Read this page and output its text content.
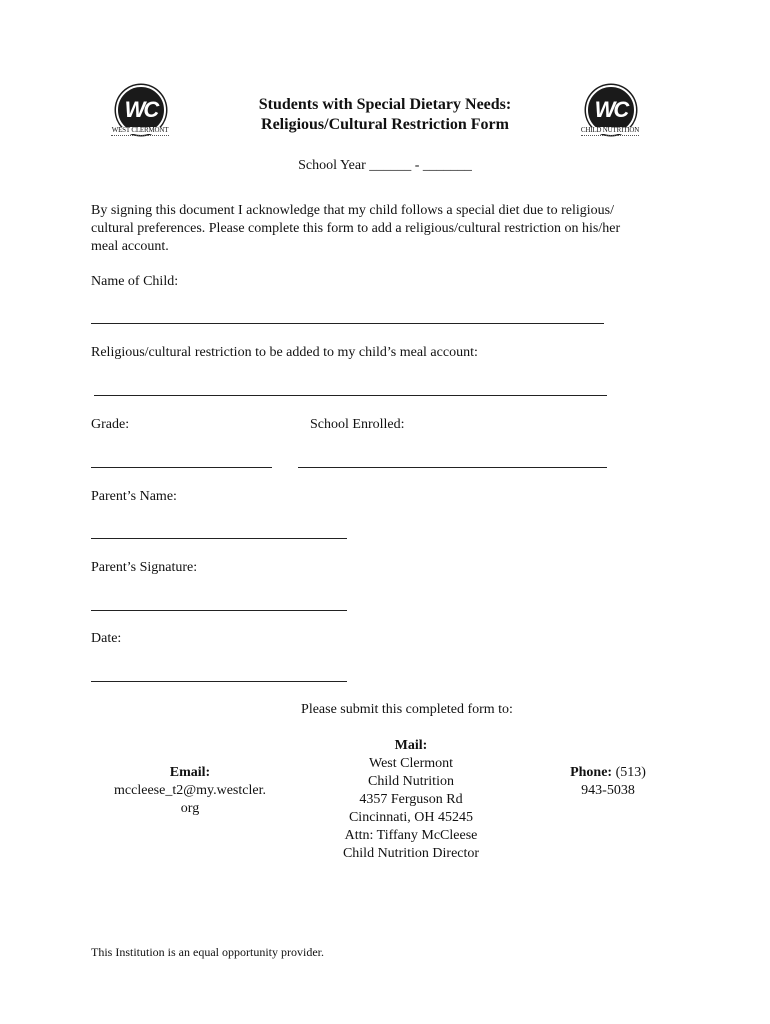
WC
WEST CLERMONT
WC
CHILD NUTRITION
Students with Special Dietary Needs:
Religious/Cultural Restriction Form
School Year ______ - _______
By signing this document I acknowledge that my child follows a special diet due to religious/
cultural preferences. Please complete this form to add a religious/cultural restriction on his/her
meal account.
Name of Child:
Religious/cultural restriction to be added to my child’s meal account:
Grade:	School Enrolled:
Parent’s Name:
Parent’s Signature:
Date:
Please submit this completed form to:
Email:
mccleese_t2@my.westcler.
org
Mail:
West Clermont
Child Nutrition
4357 Ferguson Rd
Cincinnati, OH 45245
Attn: Tiffany McCleese
Child Nutrition Director
Phone: (513)
943-5038
This Institution is an equal opportunity provider.
